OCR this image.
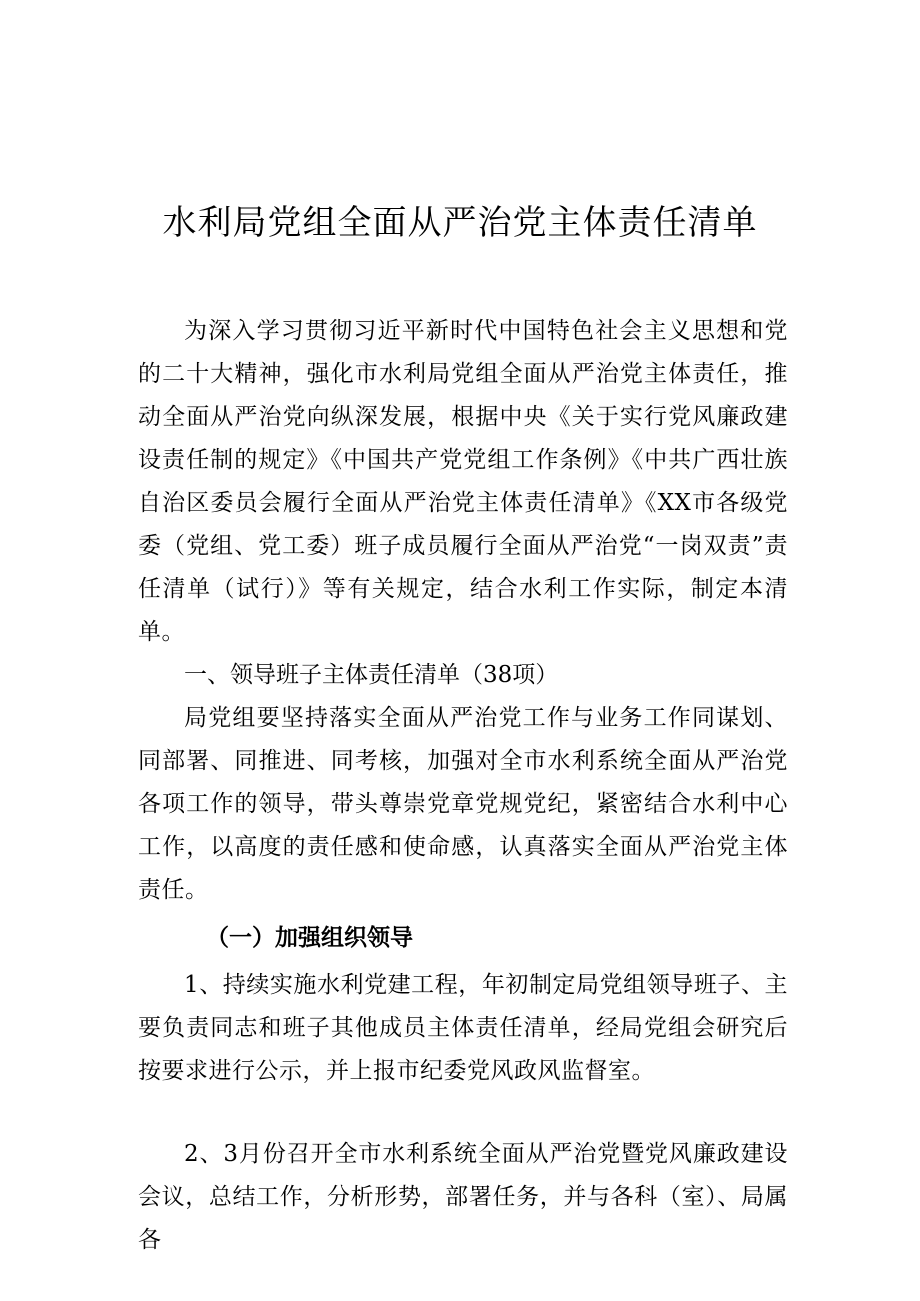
水利局党组全面从严治党主体责任清单

为深入学习贯彻习近平新时代中国特色社会主义思想和党的二十大精神，强化市水利局党组全面从严治党主体责任，推动全面从严治党向纵深发展，根据中央《关于实行党风廉政建设责任制的规定》《中国共产党党组工作条例》《中共广西壮族自治区委员会履行全面从严治党主体责任清单》《XX市各级党委（党组、党工委）班子成员履行全面从严治党“一岗双责”责任清单（试行）》等有关规定，结合水利工作实际，制定本清单。

一、领导班子主体责任清单（38项）

局党组要坚持落实全面从严治党工作与业务工作同谋划、同部署、同推进、同考核，加强对全市水利系统全面从严治党各项工作的领导，带头尊崇党章党规党纪，紧密结合水利中心工作，以高度的责任感和使命感，认真落实全面从严治党主体责任。

（一）加强组织领导

1、持续实施水利党建工程，年初制定局党组领导班子、主要负责同志和班子其他成员主体责任清单，经局党组会研究后按要求进行公示，并上报市纪委党风政风监督室。

2、3月份召开全市水利系统全面从严治党暨党风廉政建设会议，总结工作，分析形势，部署任务，并与各科（室）、局属各
